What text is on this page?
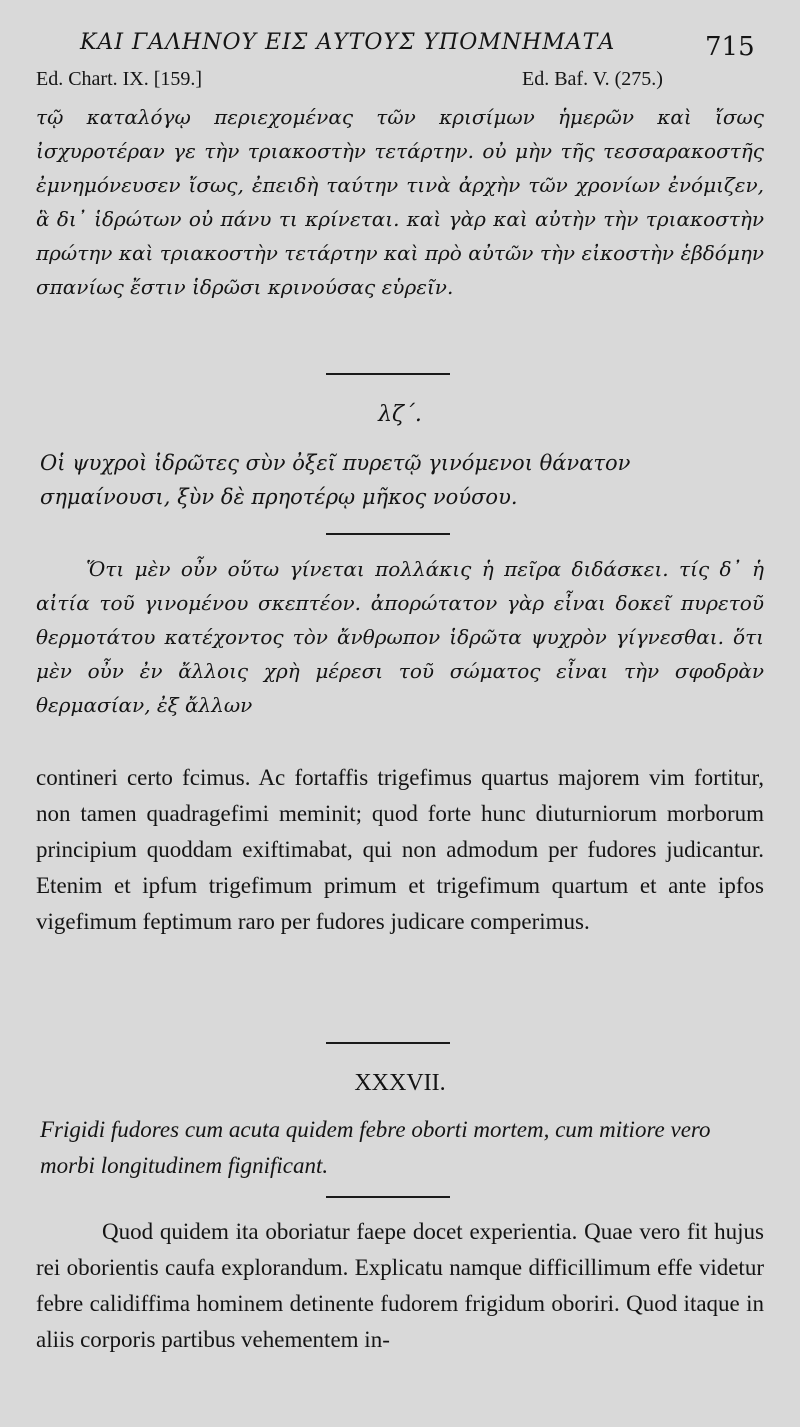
ΚΑΙ ΓΑΛΗΝΟΥ ΕΙΣ ΑΥΤΟΥΣ ΥΠΟΜΝΗΜΑΤΑ	715
Ed. Chart. IX. [159.]	Ed. Baf. V. (275.)

τῷ καταλόγῳ περιεχομένας τῶν κρισίμων ἡμερῶν καὶ ἴσως ἰσχυροτέραν γε τὴν τριακοστὴν τετάρτην. οὐ μὴν τῆς τεσσαρακοστῆς ἐμνημόνευσεν ἴσως, ἐπειδὴ ταύτην τινὰ ἀρχὴν τῶν χρονίων ἐνόμιζεν, ἃ δι᾽ ἱδρώτων οὐ πάνυ τι κρίνεται. καὶ γὰρ καὶ αὐτὴν τὴν τριακοστὴν πρώτην καὶ τριακοστὴν τετάρτην καὶ πρὸ αὐτῶν τὴν εἰκοστὴν ἑβδόμην σπανίως ἔστιν ἱδρῶσι κρινούσας εὑρεῖν.

λζ΄.

Οἱ ψυχροὶ ἱδρῶτες σὺν ὀξεῖ πυρετῷ γινόμενοι θάνατον σημαίνουσι, ξὺν δὲ πρηοτέρῳ μῆκος νούσου.

Ὅτι μὲν οὖν οὕτω γίνεται πολλάκις ἡ πεῖρα διδάσκει. τίς δ᾽ ἡ αἰτία τοῦ γινομένου σκεπτέον. ἀπορώτατον γὰρ εἶναι δοκεῖ πυρετοῦ θερμοτάτου κατέχοντος τὸν ἄνθρωπον ἱδρῶτα ψυχρὸν γίγνεσθαι. ὅτι μὲν οὖν ἐν ἄλλοις χρὴ μέρεσι τοῦ σώματος εἶναι τὴν σφοδρὰν θερμασίαν, ἐξ ἄλλων

contineri certo fcimus. Ac fortaffis trigefimus quartus majorem vim fortitur, non tamen quadragefimi meminit; quod forte hunc diuturniorum morborum principium quoddam exiftimabat, qui non admodum per fudores judicantur. Etenim et ipfum trigefimum primum et trigefimum quartum et ante ipfos vigefimum feptimum raro per fudores judicare comperimus.

XXXVII.

Frigidi fudores cum acuta quidem febre oborti mortem, cum mitiore vero morbi longitudinem fignificant.

Quod quidem ita oboriatur faepe docet experientia. Quae vero fit hujus rei oborientis caufa explorandum. Explicatu namque difficillimum effe videtur febre calidiffima hominem detinente fudorem frigidum oboriri. Quod itaque in aliis corporis partibus vehementem in-
